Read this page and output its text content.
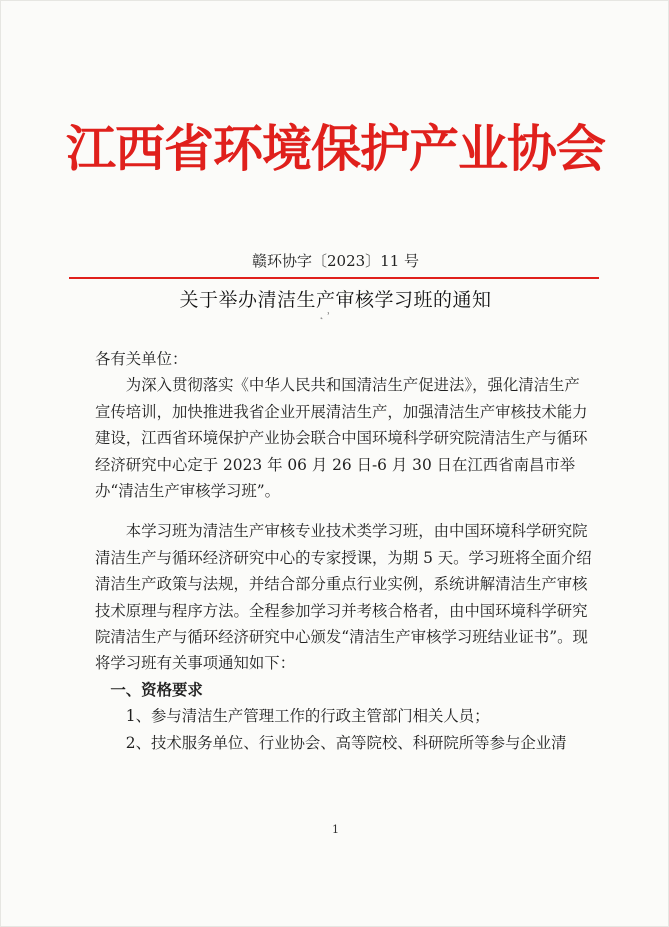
江西省环境保护产业协会
赣环协字〔2023〕11 号
关于举办清洁生产审核学习班的通知
˛ ˒

各有关单位：

为深入贯彻落实《中华人民共和国清洁生产促进法》，强化清洁生产宣传培训，加快推进我省企业开展清洁生产，加强清洁生产审核技术能力建设，江西省环境保护产业协会联合中国环境科学研究院清洁生产与循环经济研究中心定于 2023 年 06 月 26 日-6 月 30 日在江西省南昌市举办“清洁生产审核学习班”。

本学习班为清洁生产审核专业技术类学习班，由中国环境科学研究院清洁生产与循环经济研究中心的专家授课，为期 5 天。学习班将全面介绍清洁生产政策与法规，并结合部分重点行业实例，系统讲解清洁生产审核技术原理与程序方法。全程参加学习并考核合格者，由中国环境科学研究院清洁生产与循环经济研究中心颁发“清洁生产审核学习班结业证书”。现将学习班有关事项通知如下：

一、资格要求

1、参与清洁生产管理工作的行政主管部门相关人员；

2、技术服务单位、行业协会、高等院校、科研院所等参与企业清

1
